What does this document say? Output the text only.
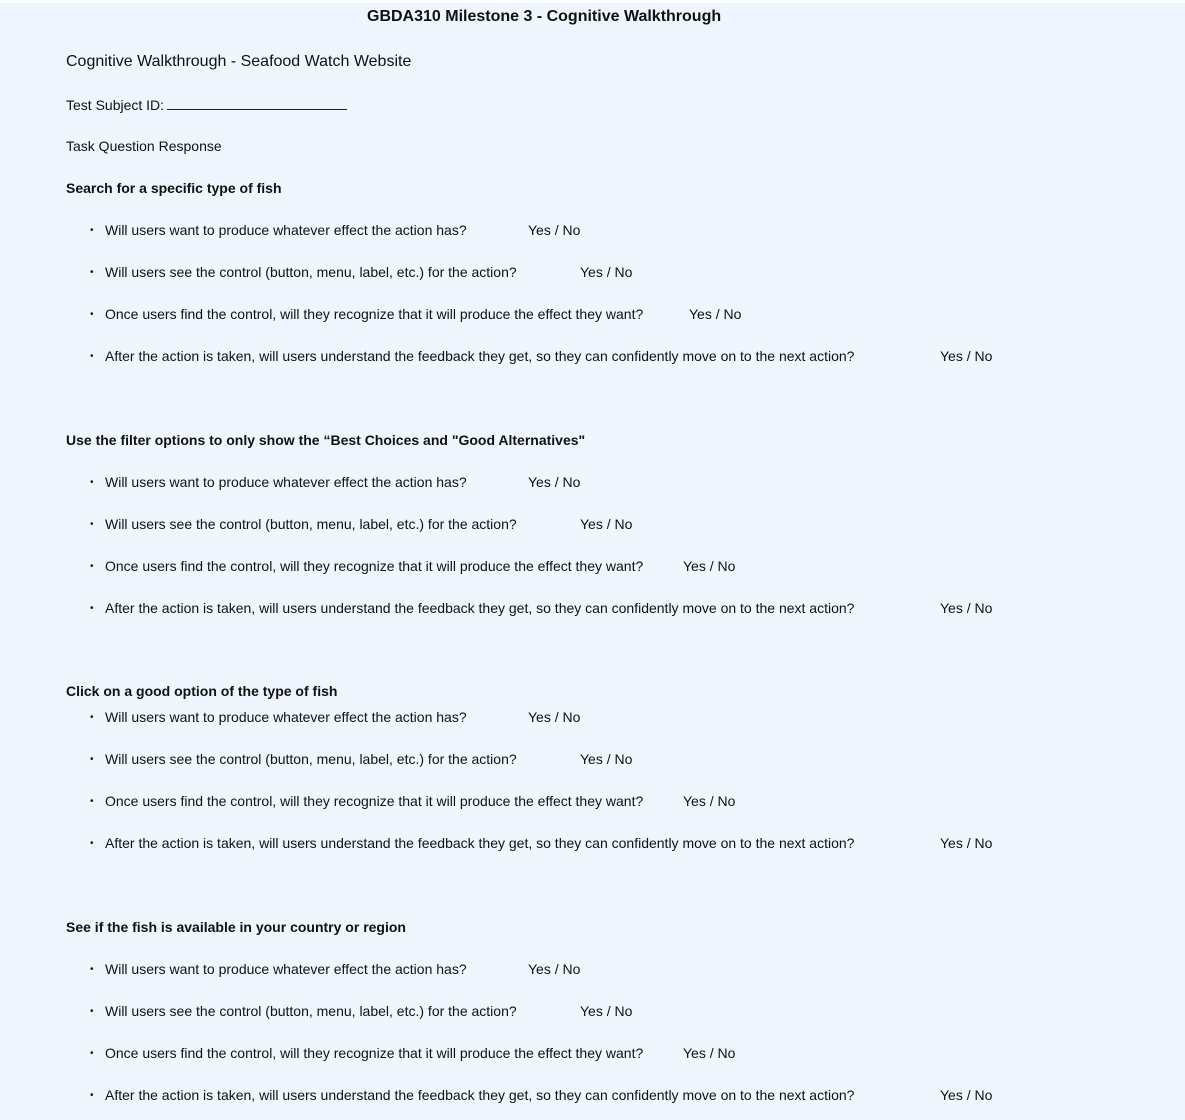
GBDA310 Milestone 3 - Cognitive Walkthrough
Cognitive Walkthrough - Seafood Watch Website
Test Subject ID:
Task Question Response
Search for a specific type of fish
• Will users want to produce whatever effect the action has?	Yes / No
• Will users see the control (button, menu, label, etc.) for the action?	Yes / No
• Once users find the control, will they recognize that it will produce the effect they want?	Yes / No
• After the action is taken, will users understand the feedback they get, so they can confidently move on to the next action?	Yes / No
Use the filter options to only show the “Best Choices and "Good Alternatives"
• Will users want to produce whatever effect the action has?	Yes / No
• Will users see the control (button, menu, label, etc.) for the action?	Yes / No
• Once users find the control, will they recognize that it will produce the effect they want?	Yes / No
• After the action is taken, will users understand the feedback they get, so they can confidently move on to the next action?	Yes / No
Click on a good option of the type of fish
• Will users want to produce whatever effect the action has?	Yes / No
• Will users see the control (button, menu, label, etc.) for the action?	Yes / No
• Once users find the control, will they recognize that it will produce the effect they want?	Yes / No
• After the action is taken, will users understand the feedback they get, so they can confidently move on to the next action?	Yes / No
See if the fish is available in your country or region
• Will users want to produce whatever effect the action has?	Yes / No
• Will users see the control (button, menu, label, etc.) for the action?	Yes / No
• Once users find the control, will they recognize that it will produce the effect they want?	Yes / No
• After the action is taken, will users understand the feedback they get, so they can confidently move on to the next action?	Yes / No
